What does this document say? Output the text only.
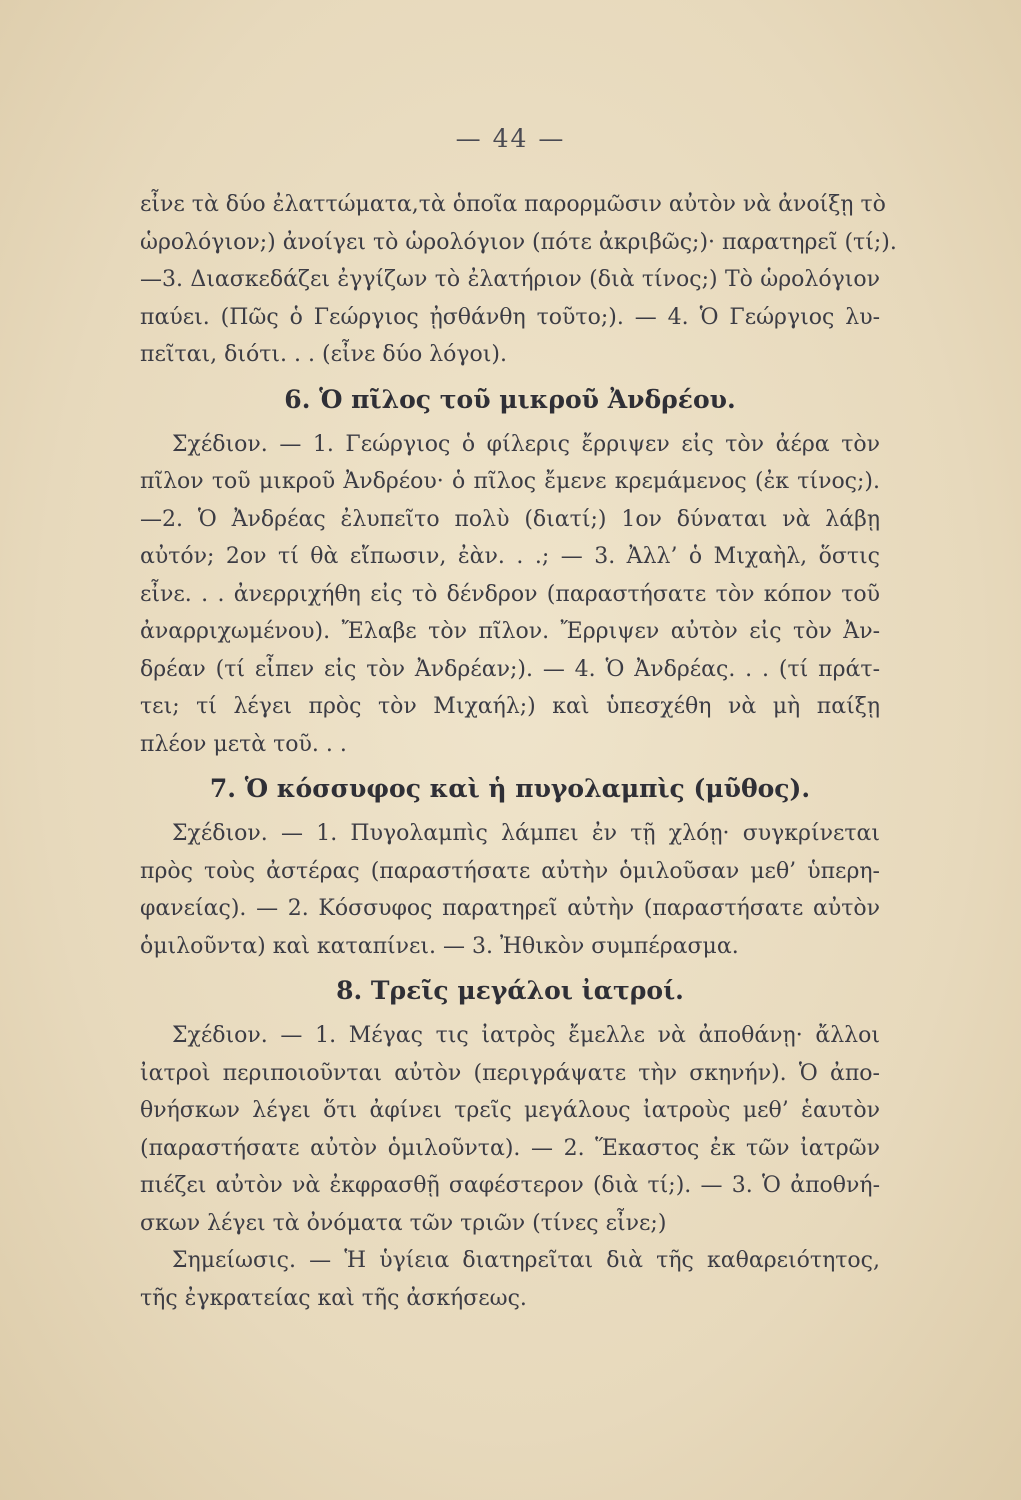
— 44 —
εἶνε τὰ δύο ἐλαττώματα,τὰ ὁποῖα παρορμῶσιν αὐτὸν νὰ ἀνοίξῃ τὸ
ὡρολόγιον;) ἀνοίγει τὸ ὡρολόγιον (πότε ἀκριβῶς;)· παρατηρεῖ (τί;).
—3. Διασκεδάζει ἐγγίζων τὸ ἐλατήριον (διὰ τίνος;) Τὸ ὡρολόγιον
παύει. (Πῶς ὁ Γεώργιος ᾐσθάνθη τοῦτο;). — 4. Ὁ Γεώργιος λυ-
πεῖται, διότι. . . (εἶνε δύο λόγοι).
6. Ὁ πῖλος τοῦ μικροῦ Ἀνδρέου.
Σχέδιον. — 1. Γεώργιος ὁ φίλερις ἔρριψεν εἰς τὸν ἀέρα τὸν
πῖλον τοῦ μικροῦ Ἀνδρέου· ὁ πῖλος ἔμενε κρεμάμενος (ἐκ τίνος;).
—2. Ὁ Ἀνδρέας ἐλυπεῖτο πολὺ (διατί;) 1ον δύναται νὰ λάβῃ
αὐτόν; 2ον τί θὰ εἴπωσιν, ἐὰν. . .; — 3. Ἀλλ’ ὁ Μιχαὴλ, ὅστις
εἶνε. . . ἀνερριχήθη εἰς τὸ δένδρον (παραστήσατε τὸν κόπον τοῦ
ἀναρριχωμένου). Ἔλαβε τὸν πῖλον. Ἔρριψεν αὐτὸν εἰς τὸν Ἀν-
δρέαν (τί εἶπεν εἰς τὸν Ἀνδρέαν;). — 4. Ὁ Ἀνδρέας. . . (τί πράτ-
τει; τί λέγει πρὸς τὸν Μιχαήλ;) καὶ ὑπεσχέθη νὰ μὴ παίξῃ
πλέον μετὰ τοῦ. . .
7. Ὁ κόσσυφος καὶ ἡ πυγολαμπὶς (μῦθος).
Σχέδιον. — 1. Πυγολαμπὶς λάμπει ἐν τῇ χλόῃ· συγκρίνεται
πρὸς τοὺς ἀστέρας (παραστήσατε αὐτὴν ὁμιλοῦσαν μεθ’ ὑπερη-
φανείας). — 2. Κόσσυφος παρατηρεῖ αὐτὴν (παραστήσατε αὐτὸν
ὁμιλοῦντα) καὶ καταπίνει. — 3. Ἠθικὸν συμπέρασμα.
8. Τρεῖς μεγάλοι ἰατροί.
Σχέδιον. — 1. Μέγας τις ἰατρὸς ἔμελλε νὰ ἀποθάνῃ· ἄλλοι
ἰατροὶ περιποιοῦνται αὐτὸν (περιγράψατε τὴν σκηνήν). Ὁ ἀπο-
θνήσκων λέγει ὅτι ἀφίνει τρεῖς μεγάλους ἰατροὺς μεθ’ ἑαυτὸν
(παραστήσατε αὐτὸν ὁμιλοῦντα). — 2. Ἕκαστος ἐκ τῶν ἰατρῶν
πιέζει αὐτὸν νὰ ἐκφρασθῇ σαφέστερον (διὰ τί;). — 3. Ὁ ἀποθνή-
σκων λέγει τὰ ὀνόματα τῶν τριῶν (τίνες εἶνε;)
Σημείωσις. — Ἡ ὑγίεια διατηρεῖται διὰ τῆς καθαρειότητος,
τῆς ἐγκρατείας καὶ τῆς ἀσκήσεως.
